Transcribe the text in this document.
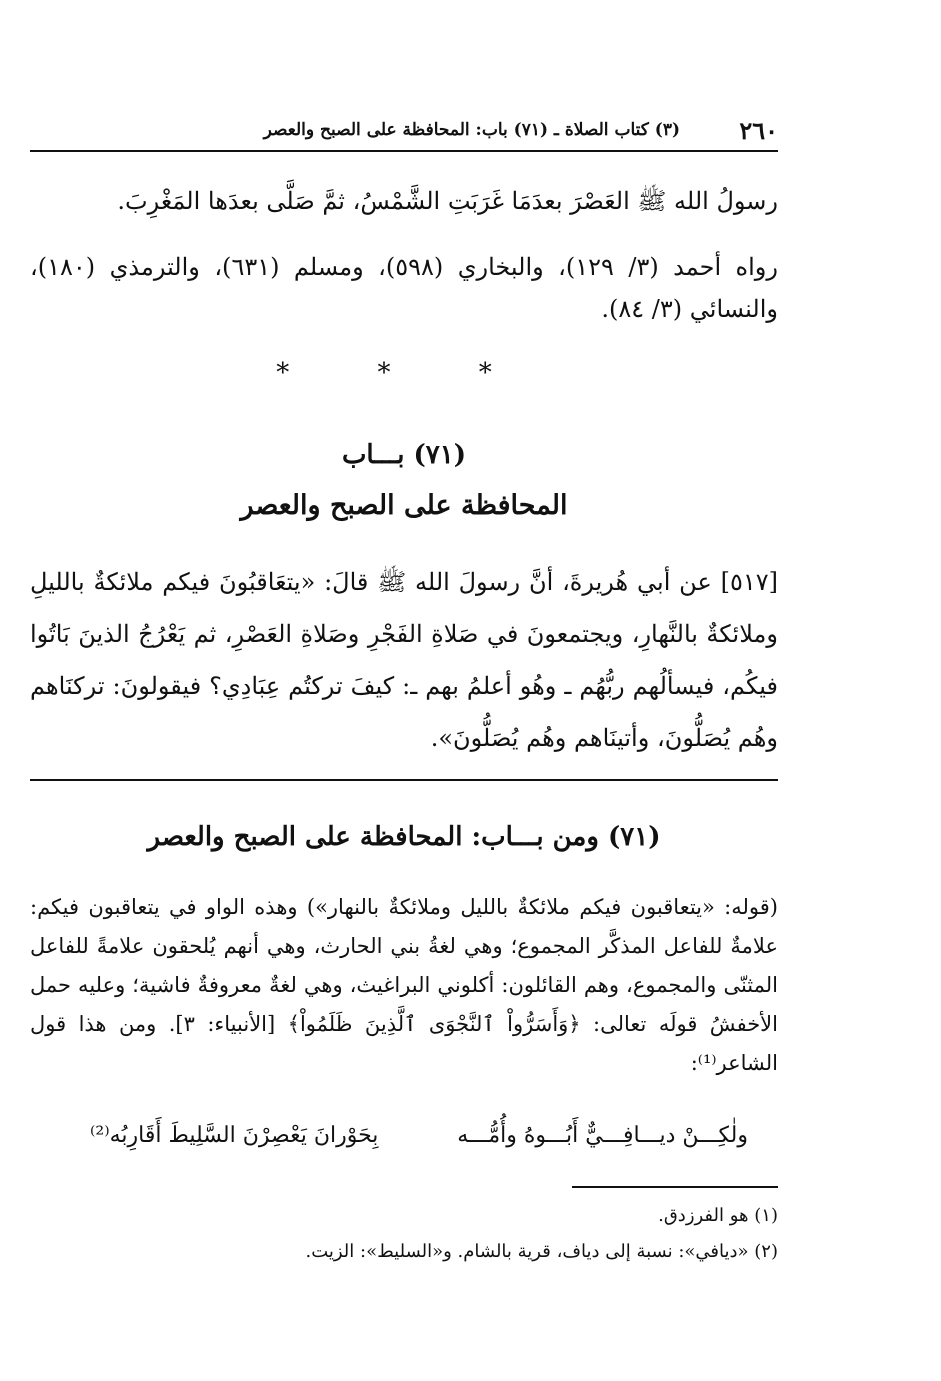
٢٦٠
(٣) كتاب الصلاة ـ (٧١) باب: المحافظة على الصبح والعصر
رسولُ الله ﷺ العَصْرَ بعدَمَا غَرَبَتِ الشَّمْسُ، ثمَّ صَلَّى بعدَها المَغْرِبَ.
رواه أحمد (٣/ ١٢٩)، والبخاري (٥٩٨)، ومسلم (٦٣١)، والترمذي (١٨٠)، والنسائي (٣/ ٨٤).
* * *
(٧١) بـــاب
المحافظة على الصبح والعصر
[٥١٧] عن أبي هُريرةَ، أنَّ رسولَ الله ﷺ قالَ: «يتعَاقبُونَ فيكم ملائكةٌ بالليلِ وملائكةٌ بالنَّهارِ، ويجتمعونَ في صَلاةِ الفَجْرِ وصَلاةِ العَصْرِ، ثم يَعْرُجُ الذينَ بَاتُوا فيكُم، فيسألُهم ربُّهُم ـ وهُو أعلمُ بهم ـ: كيفَ تركتُم عِبَادِي؟ فيقولونَ: تركنَاهم وهُم يُصَلُّونَ، وأتينَاهم وهُم يُصَلُّونَ».
(٧١) ومن بـــاب: المحافظة على الصبح والعصر
(قوله: «يتعاقبون فيكم ملائكةٌ بالليل وملائكةٌ بالنهار») وهذه الواو في يتعاقبون فيكم: علامةٌ للفاعل المذكَّر المجموع؛ وهي لغةُ بني الحارث، وهي أنهم يُلحقون علامةً للفاعل المثنّى والمجموع، وهم القائلون: أكلوني البراغيث، وهي لغةٌ معروفةٌ فاشية؛ وعليه حمل الأخفشُ قولَه تعالى: ﴿وَأَسَرُّواْ ٱلنَّجْوَى ٱلَّذِينَ ظَلَمُواْ﴾ [الأنبياء: ٣]. ومن هذا قول الشاعر⁽¹⁾:
ولٰكِـــنْ ديـــافِـــيٌّ أَبُـــوهُ وأُمُّـــه
بِحَوْرانَ يَعْصِرْنَ السَّلِيطَ أَقَارِبُه⁽²⁾
(١) هو الفرزدق.
(٢) «ديافي»: نسبة إلى دياف، قرية بالشام. و«السليط»: الزيت.
